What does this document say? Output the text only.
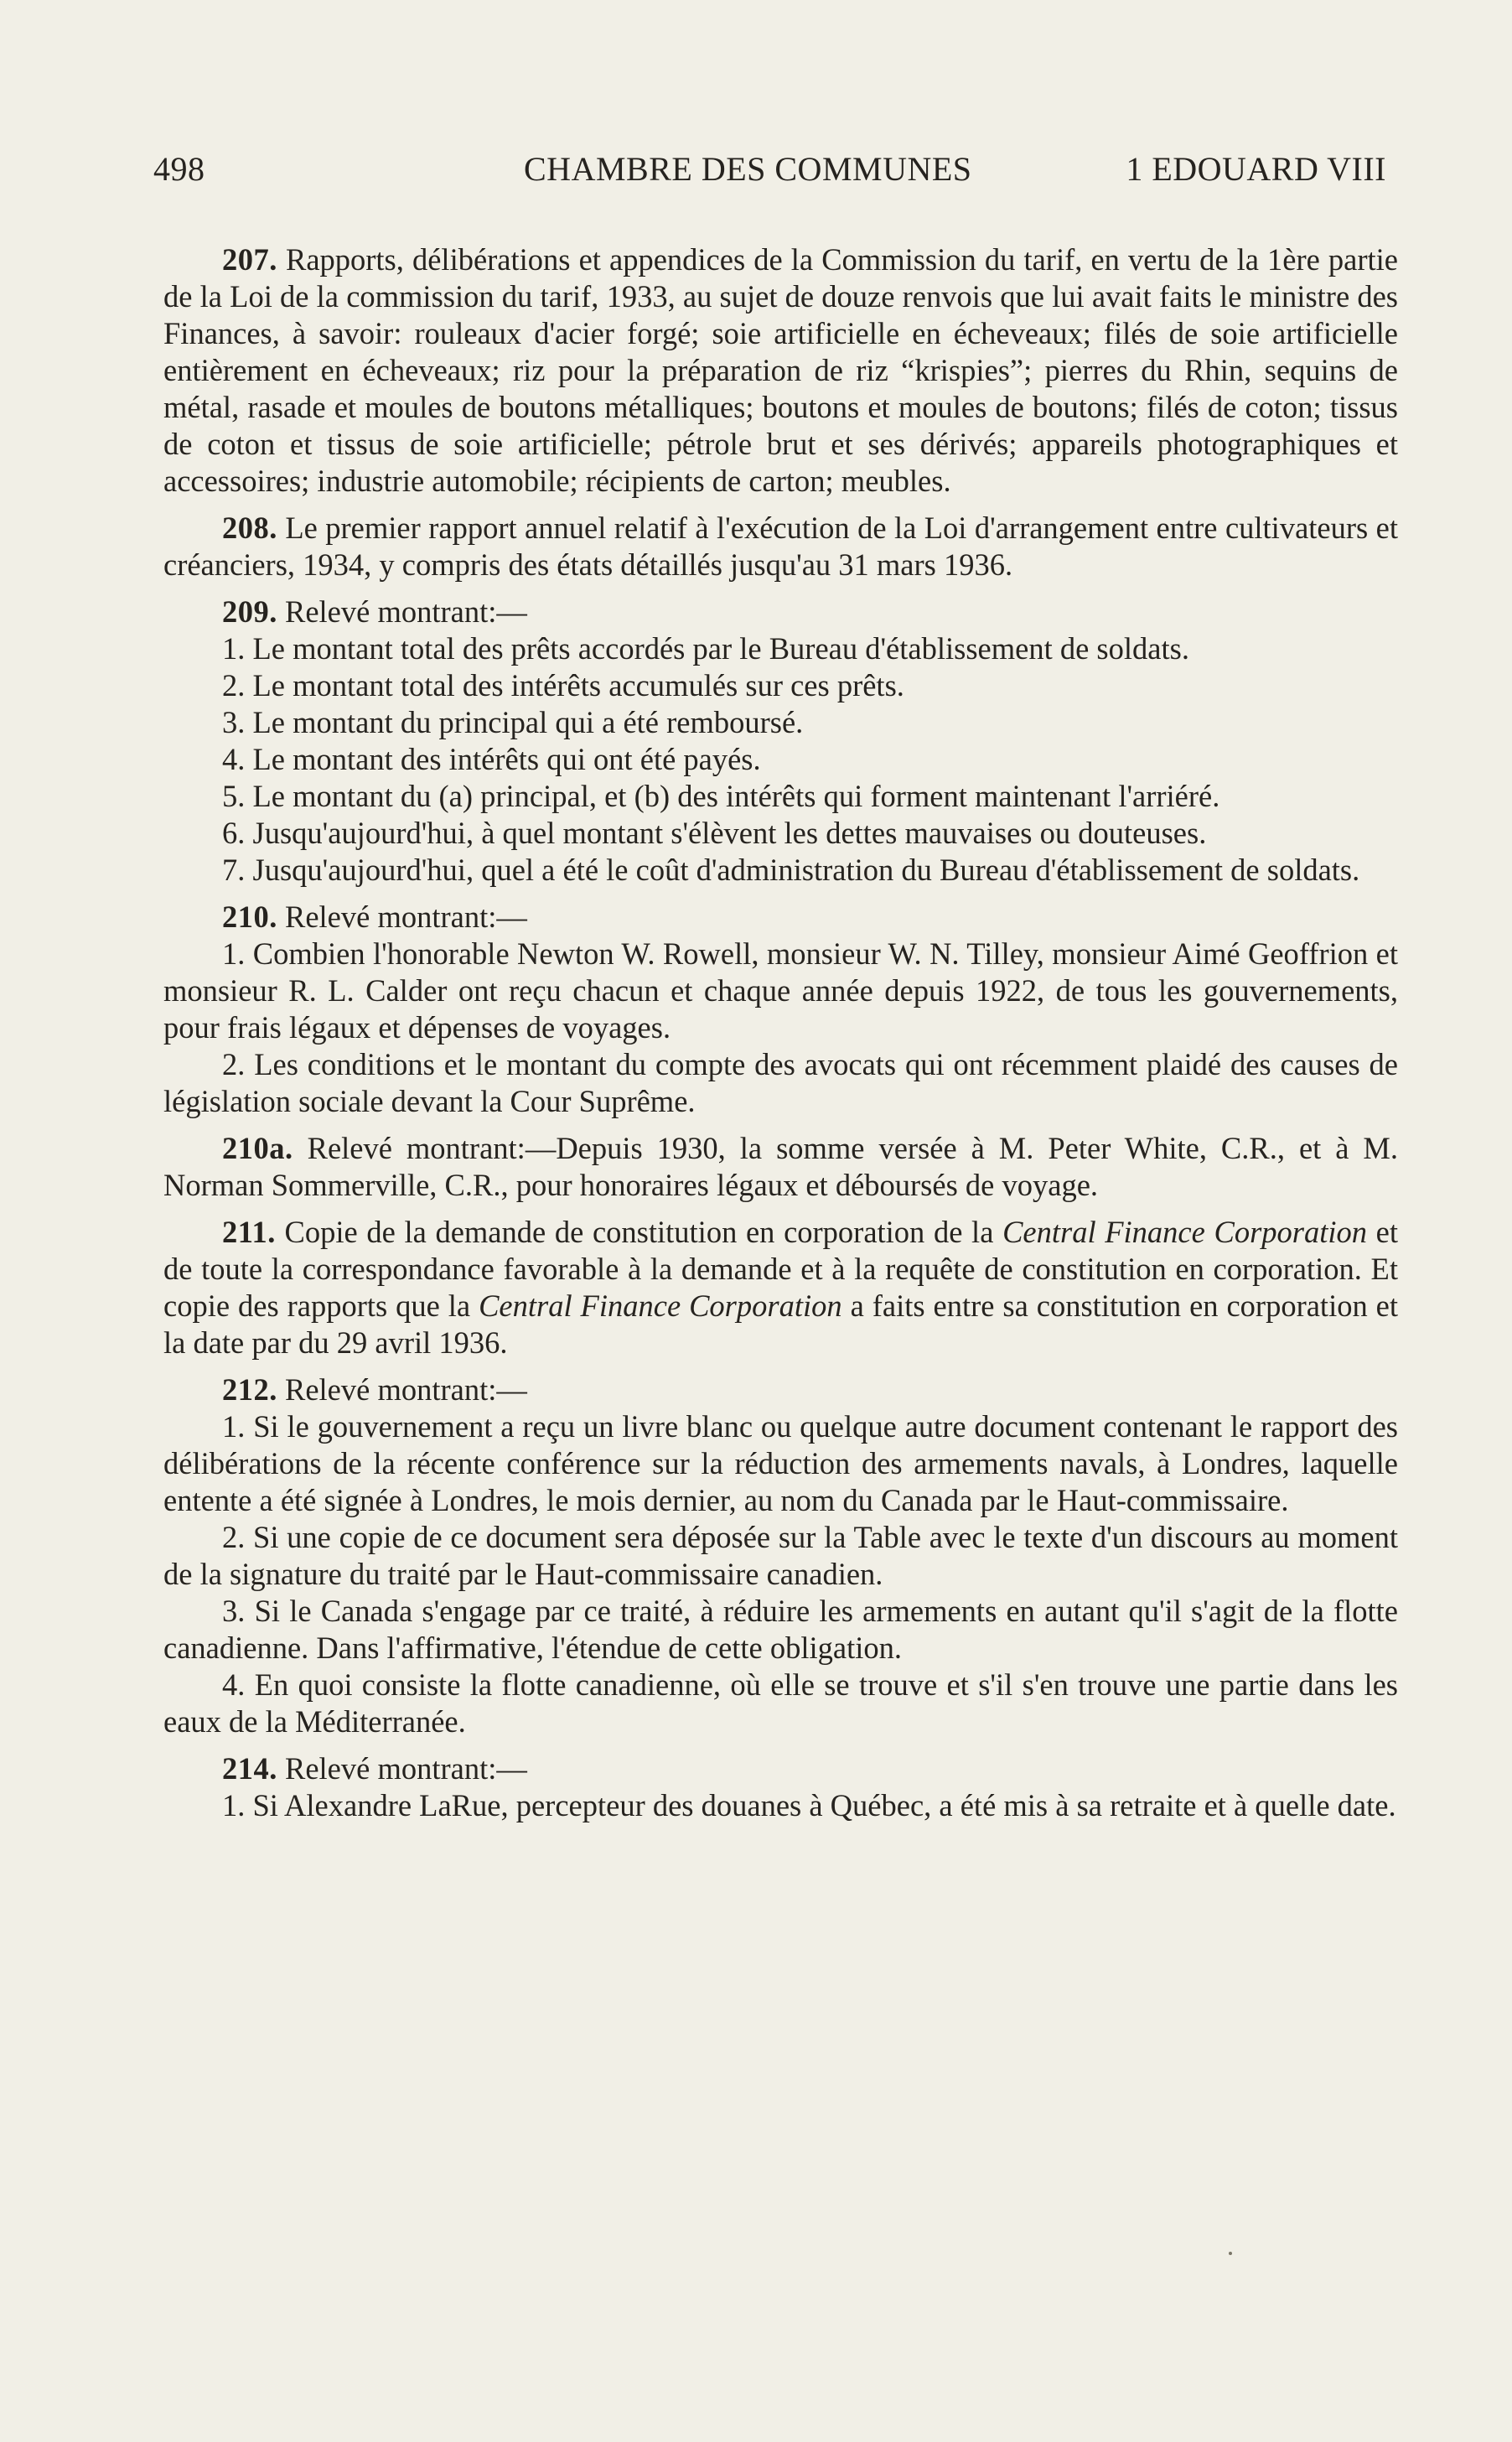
498	CHAMBRE DES COMMUNES	1 EDOUARD VIII

207. Rapports, délibérations et appendices de la Commission du tarif, en vertu de la 1ère partie de la Loi de la commission du tarif, 1933, au sujet de douze renvois que lui avait faits le ministre des Finances, à savoir: rouleaux d'acier forgé; soie artificielle en écheveaux; filés de soie artificielle entièrement en écheveaux; riz pour la préparation de riz “krispies”; pierres du Rhin, sequins de métal, rasade et moules de boutons métalliques; boutons et moules de boutons; filés de coton; tissus de coton et tissus de soie artificielle; pétrole brut et ses dérivés; appareils photographiques et accessoires; industrie automobile; récipients de carton; meubles.

208. Le premier rapport annuel relatif à l'exécution de la Loi d'arrangement entre cultivateurs et créanciers, 1934, y compris des états détaillés jusqu'au 31 mars 1936.

209. Relevé montrant:—

1. Le montant total des prêts accordés par le Bureau d'établissement de soldats.

2. Le montant total des intérêts accumulés sur ces prêts.

3. Le montant du principal qui a été remboursé.

4. Le montant des intérêts qui ont été payés.

5. Le montant du (a) principal, et (b) des intérêts qui forment maintenant l'arriéré.

6. Jusqu'aujourd'hui, à quel montant s'élèvent les dettes mauvaises ou douteuses.

7. Jusqu'aujourd'hui, quel a été le coût d'administration du Bureau d'établissement de soldats.

210. Relevé montrant:—

1. Combien l'honorable Newton W. Rowell, monsieur W. N. Tilley, monsieur Aimé Geoffrion et monsieur R. L. Calder ont reçu chacun et chaque année depuis 1922, de tous les gouvernements, pour frais légaux et dépenses de voyages.

2. Les conditions et le montant du compte des avocats qui ont récemment plaidé des causes de législation sociale devant la Cour Suprême.

210a. Relevé montrant:—Depuis 1930, la somme versée à M. Peter White, C.R., et à M. Norman Sommerville, C.R., pour honoraires légaux et déboursés de voyage.

211. Copie de la demande de constitution en corporation de la Central Finance Corporation et de toute la correspondance favorable à la demande et à la requête de constitution en corporation. Et copie des rapports que la Central Finance Corporation a faits entre sa constitution en corporation et la date par du 29 avril 1936.

212. Relevé montrant:—

1. Si le gouvernement a reçu un livre blanc ou quelque autre document contenant le rapport des délibérations de la récente conférence sur la réduction des armements navals, à Londres, laquelle entente a été signée à Londres, le mois dernier, au nom du Canada par le Haut-commissaire.

2. Si une copie de ce document sera déposée sur la Table avec le texte d'un discours au moment de la signature du traité par le Haut-commissaire canadien.

3. Si le Canada s'engage par ce traité, à réduire les armements en autant qu'il s'agit de la flotte canadienne. Dans l'affirmative, l'étendue de cette obligation.

4. En quoi consiste la flotte canadienne, où elle se trouve et s'il s'en trouve une partie dans les eaux de la Méditerranée.

214. Relevé montrant:—

1. Si Alexandre LaRue, percepteur des douanes à Québec, a été mis à sa retraite et à quelle date.
